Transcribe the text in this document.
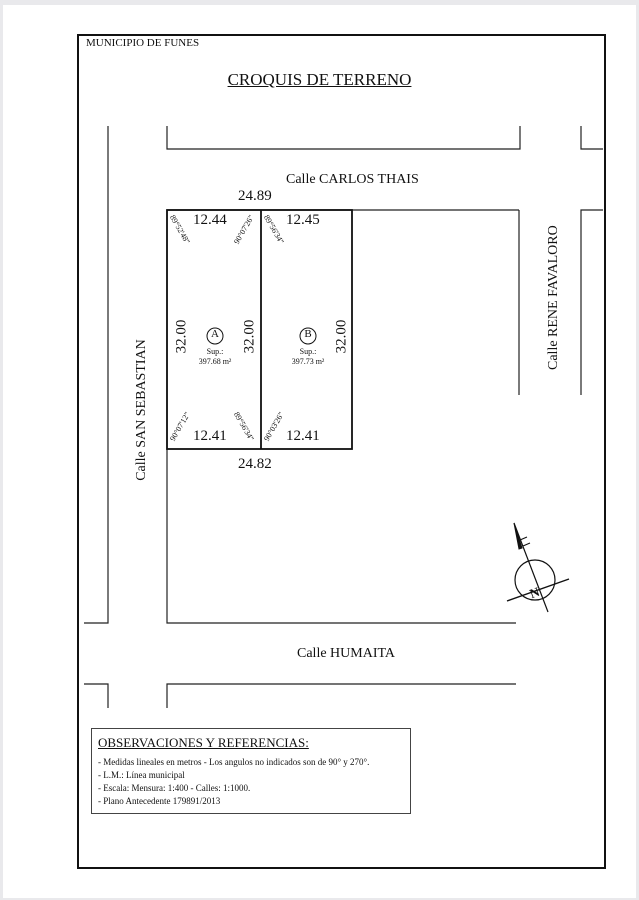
MUNICIPIO DE FUNES
CROQUIS DE TERRENO
Calle CARLOS THAIS
Calle HUMAITA
Calle SAN SEBASTIAN
Calle RENE FAVALORO
24.89
24.82
12.44	12.45
12.41	12.41
32.00	32.00	32.00
89°52'48"	90°07'26" 89°56'34"
90°07'12"	89°56'34" 90°03'26"
A	B
Sup.:
397.68 m²
Sup.:
397.73 m²
N
OBSERVACIONES Y REFERENCIAS:
- Medidas lineales en metros - Los angulos no indicados son de 90° y 270°.
- L.M.: Línea municipal
- Escala: Mensura: 1:400 - Calles: 1:1000.
- Plano Antecedente 179891/2013
